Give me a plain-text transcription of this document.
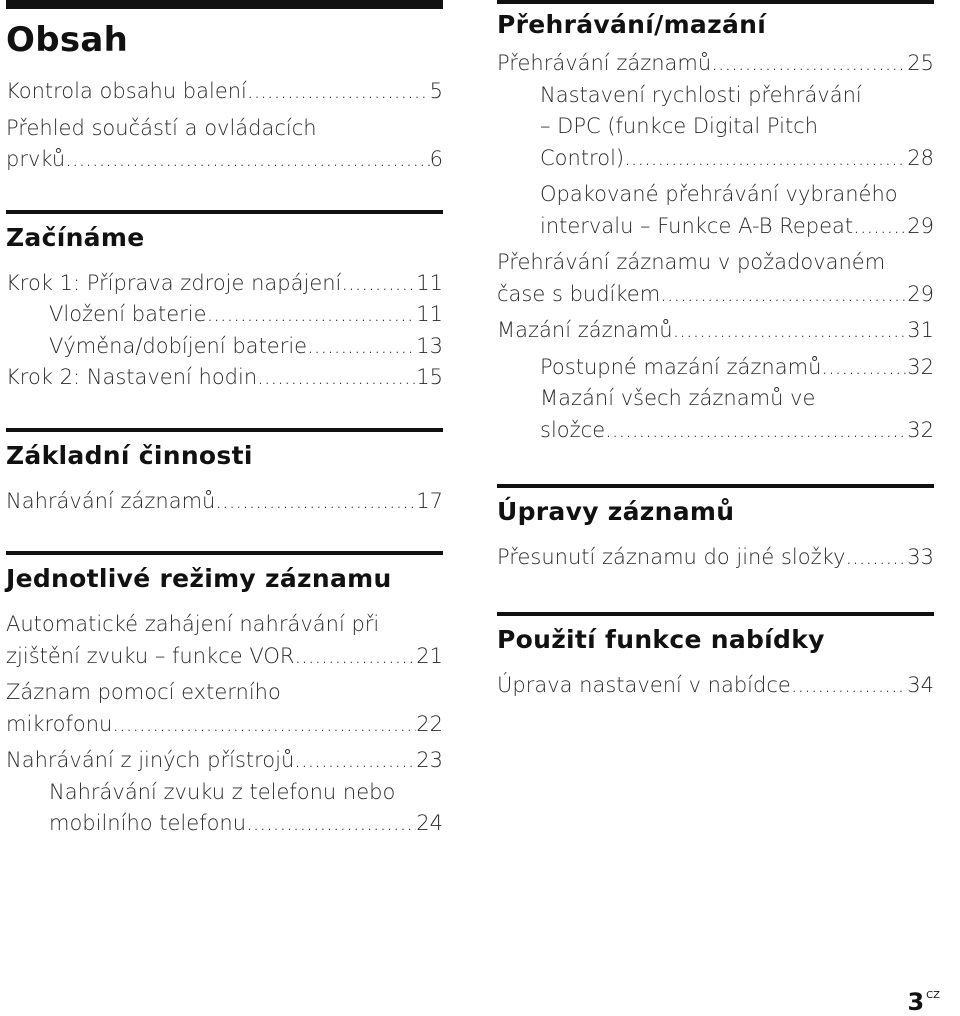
Obsah
Kontrola obsahu balení .....	5
Přehled součástí a ovládacích
prvků .....	6
Začínáme
Krok 1: Příprava zdroje napájení .....	11
Vložení baterie .....	11
Výměna/dobíjení baterie .....	13
Krok 2: Nastavení hodin .....	15
Základní činnosti
Nahrávání záznamů .....	17
Jednotlivé režimy záznamu
Automatické zahájení nahrávání při
zjištění zvuku – funkce VOR .....	21
Záznam pomocí externího
mikrofonu .....	22
Nahrávání z jiných přístrojů .....	23
Nahrávání zvuku z telefonu nebo
mobilního telefonu .....	24
Přehrávání/mazání
Přehrávání záznamů .....	25
Nastavení rychlosti přehrávání
– DPC (funkce Digital Pitch
Control) .....	28
Opakované přehrávání vybraného
intervalu – Funkce A-B Repeat .....	29
Přehrávání záznamu v požadovaném
čase s budíkem .....	29
Mazání záznamů .....	31
Postupné mazání záznamů .....	32
Mazání všech záznamů ve
složce .....	32
Úpravy záznamů
Přesunutí záznamu do jiné složky .....	33
Použití funkce nabídky
Úprava nastavení v nabídce .....	34
3 $^{CZ}$
